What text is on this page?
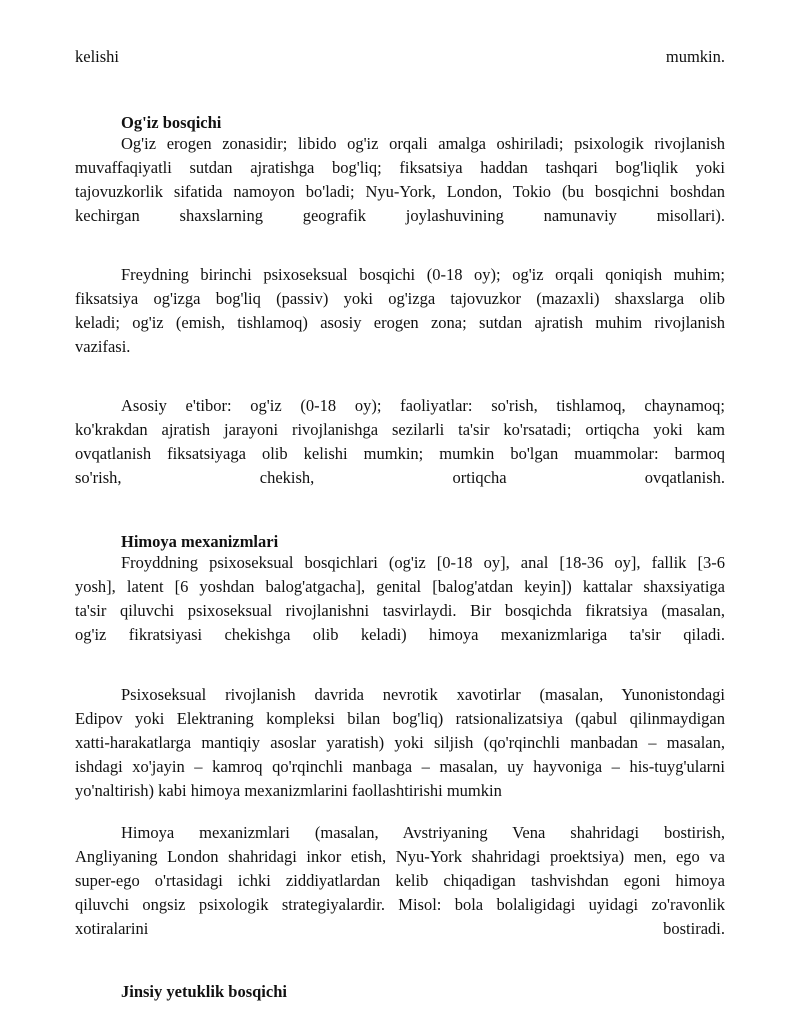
kelishi	mumkin.
Og'iz bosqichi
Og'iz erogen zonasidir; libido og'iz orqali amalga oshiriladi; psixologik rivojlanish
muvaffaqiyatli sutdan ajratishga bog'liq; fiksatsiya haddan tashqari bog'liqlik yoki
tajovuzkorlik sifatida namoyon bo'ladi; Nyu-York, London, Tokio (bu bosqichni boshdan
kechirgan shaxslarning geografik joylashuvining namunaviy misollari).
Freydning birinchi psixoseksual bosqichi (0-18 oy); og'iz orqali qoniqish muhim;
fiksatsiya og'izga bog'liq (passiv) yoki og'izga tajovuzkor (mazaxli) shaxslarga olib
keladi; og'iz (emish, tishlamoq) asosiy erogen zona; sutdan ajratish muhim rivojlanish
vazifasi.
Asosiy e'tibor: og'iz (0-18 oy); faoliyatlar: so'rish, tishlamoq, chaynamoq;
ko'krakdan ajratish jarayoni rivojlanishga sezilarli ta'sir ko'rsatadi; ortiqcha yoki kam
ovqatlanish fiksatsiyaga olib kelishi mumkin; mumkin bo'lgan muammolar: barmoq
so'rish, chekish, ortiqcha ovqatlanish.
Himoya mexanizmlari
Froyddning psixoseksual bosqichlari (og'iz [0-18 oy], anal [18-36 oy], fallik [3-6
yosh], latent [6 yoshdan balog'atgacha], genital [balog'atdan keyin]) kattalar shaxsiyatiga
ta'sir qiluvchi psixoseksual rivojlanishni tasvirlaydi. Bir bosqichda fikratsiya (masalan,
og'iz fikratsiyasi chekishga olib keladi) himoya mexanizmlariga ta'sir qiladi.
Psixoseksual rivojlanish davrida nevrotik xavotirlar (masalan, Yunonistondagi
Edipov yoki Elektraning kompleksi bilan bog'liq) ratsionalizatsiya (qabul qilinmaydigan
xatti-harakatlarga mantiqiy asoslar yaratish) yoki siljish (qo'rqinchli manbadan – masalan,
ishdagi xo'jayin – kamroq qo'rqinchli manbaga – masalan, uy hayvoniga – his-tuyg'ularni
yo'naltirish) kabi himoya mexanizmlarini faollashtirishi mumkin
Himoya mexanizmlari (masalan, Avstriyaning Vena shahridagi bostirish,
Angliyaning London shahridagi inkor etish, Nyu-York shahridagi proektsiya) men, ego va
super-ego o'rtasidagi ichki ziddiyatlardan kelib chiqadigan tashvishdan egoni himoya
qiluvchi ongsiz psixologik strategiyalardir. Misol: bola bolaligidagi uyidagi zo'ravonlik
xotiralarini bostiradi.
Jinsiy yetuklik bosqichi
